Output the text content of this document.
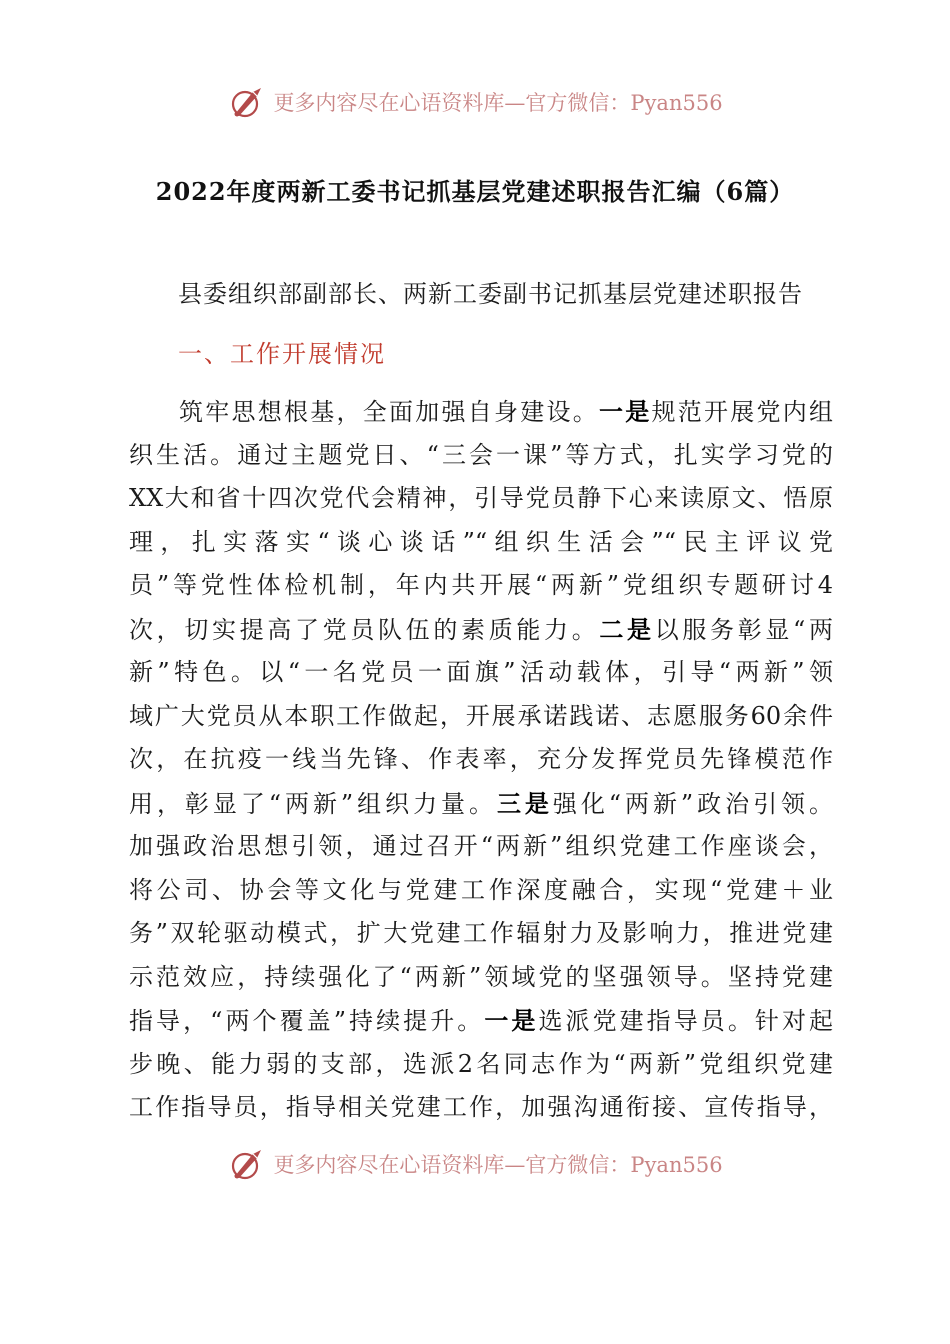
更多内容尽在心语资料库—官方微信：Pyan556
2022年度两新工委书记抓基层党建述职报告汇编（6篇）
县委组织部副部长、两新工委副书记抓基层党建述职报告
一、工作开展情况
筑牢思想根基，全面加强自身建设。一是规范开展党内组
织生活。通过主题党日、“三会一课”等方式，扎实学习党的
XX大和省十四次党代会精神，引导党员静下心来读原文、悟原
理，扎实落实“谈心谈话”“组织生活会”“民主评议党
员”等党性体检机制，年内共开展“两新”党组织专题研讨4
次，切实提高了党员队伍的素质能力。二是以服务彰显“两
新”特色。以“一名党员一面旗”活动载体，引导“两新”领
域广大党员从本职工作做起，开展承诺践诺、志愿服务60余件
次，在抗疫一线当先锋、作表率，充分发挥党员先锋模范作
用，彰显了“两新”组织力量。三是强化“两新”政治引领。
加强政治思想引领，通过召开“两新”组织党建工作座谈会，
将公司、协会等文化与党建工作深度融合，实现“党建＋业
务”双轮驱动模式，扩大党建工作辐射力及影响力，推进党建
示范效应，持续强化了“两新”领域党的坚强领导。坚持党建
指导，“两个覆盖”持续提升。一是选派党建指导员。针对起
步晚、能力弱的支部，选派2名同志作为“两新”党组织党建
工作指导员，指导相关党建工作，加强沟通衔接、宣传指导，
更多内容尽在心语资料库—官方微信：Pyan556
